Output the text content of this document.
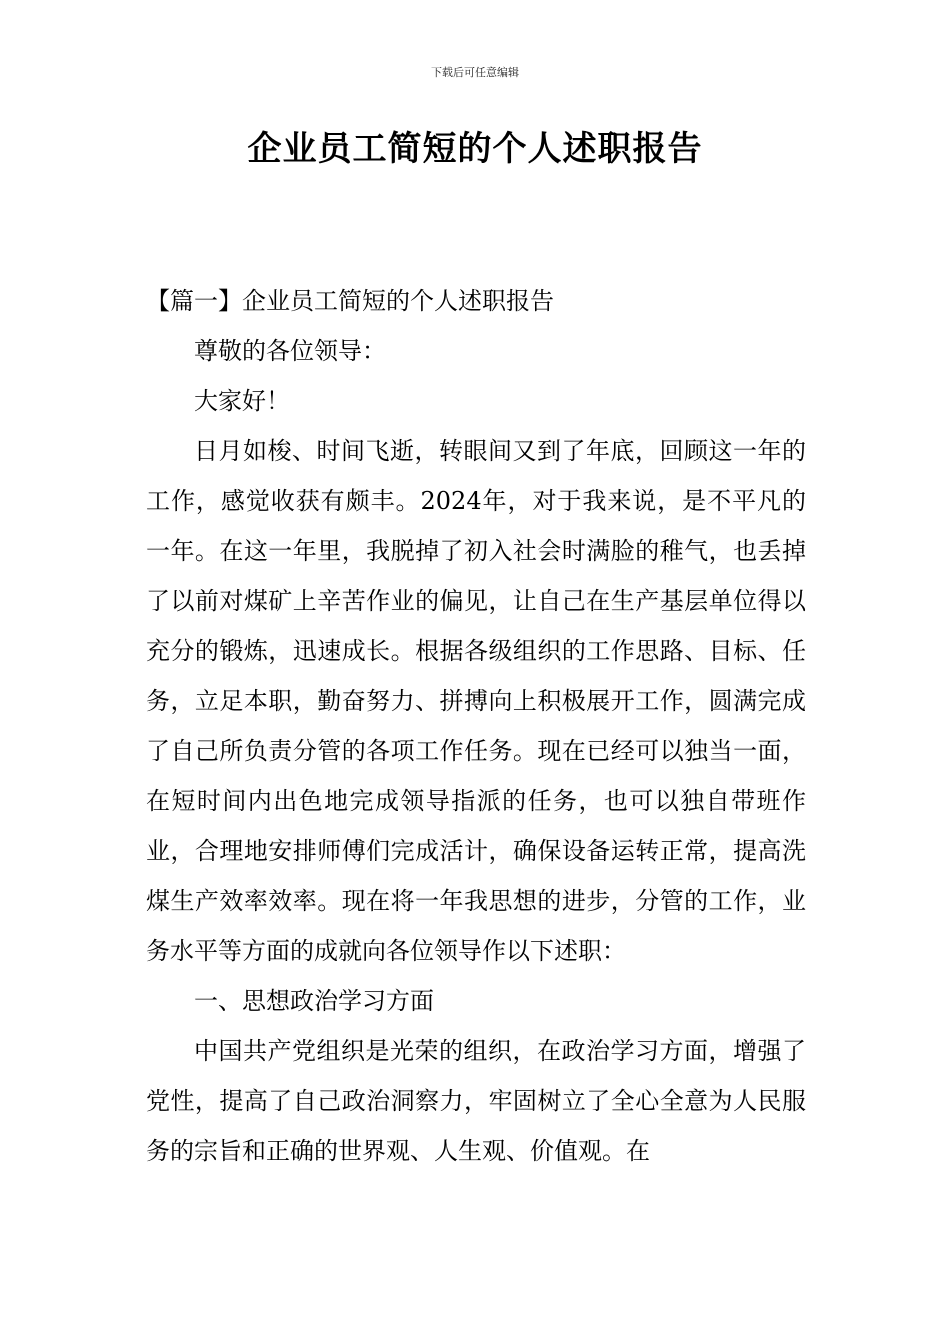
下载后可任意编辑
企业员工简短的个人述职报告

【篇一】企业员工简短的个人述职报告

尊敬的各位领导：

大家好！

日月如梭、时间飞逝，转眼间又到了年底，回顾这一年的工作，感觉收获有颇丰。2024年，对于我来说，是不平凡的一年。在这一年里，我脱掉了初入社会时满脸的稚气，也丢掉了以前对煤矿上辛苦作业的偏见，让自己在生产基层单位得以充分的锻炼，迅速成长。根据各级组织的工作思路、目标、任务，立足本职，勤奋努力、拼搏向上积极展开工作，圆满完成了自己所负责分管的各项工作任务。现在已经可以独当一面，在短时间内出色地完成领导指派的任务，也可以独自带班作业，合理地安排师傅们完成活计，确保设备运转正常，提高洗煤生产效率效率。现在将一年我思想的进步，分管的工作，业务水平等方面的成就向各位领导作以下述职：

一、思想政治学习方面

中国共产党组织是光荣的组织，在政治学习方面，增强了党性，提高了自己政治洞察力，牢固树立了全心全意为人民服务的宗旨和正确的世界观、人生观、价值观。在
